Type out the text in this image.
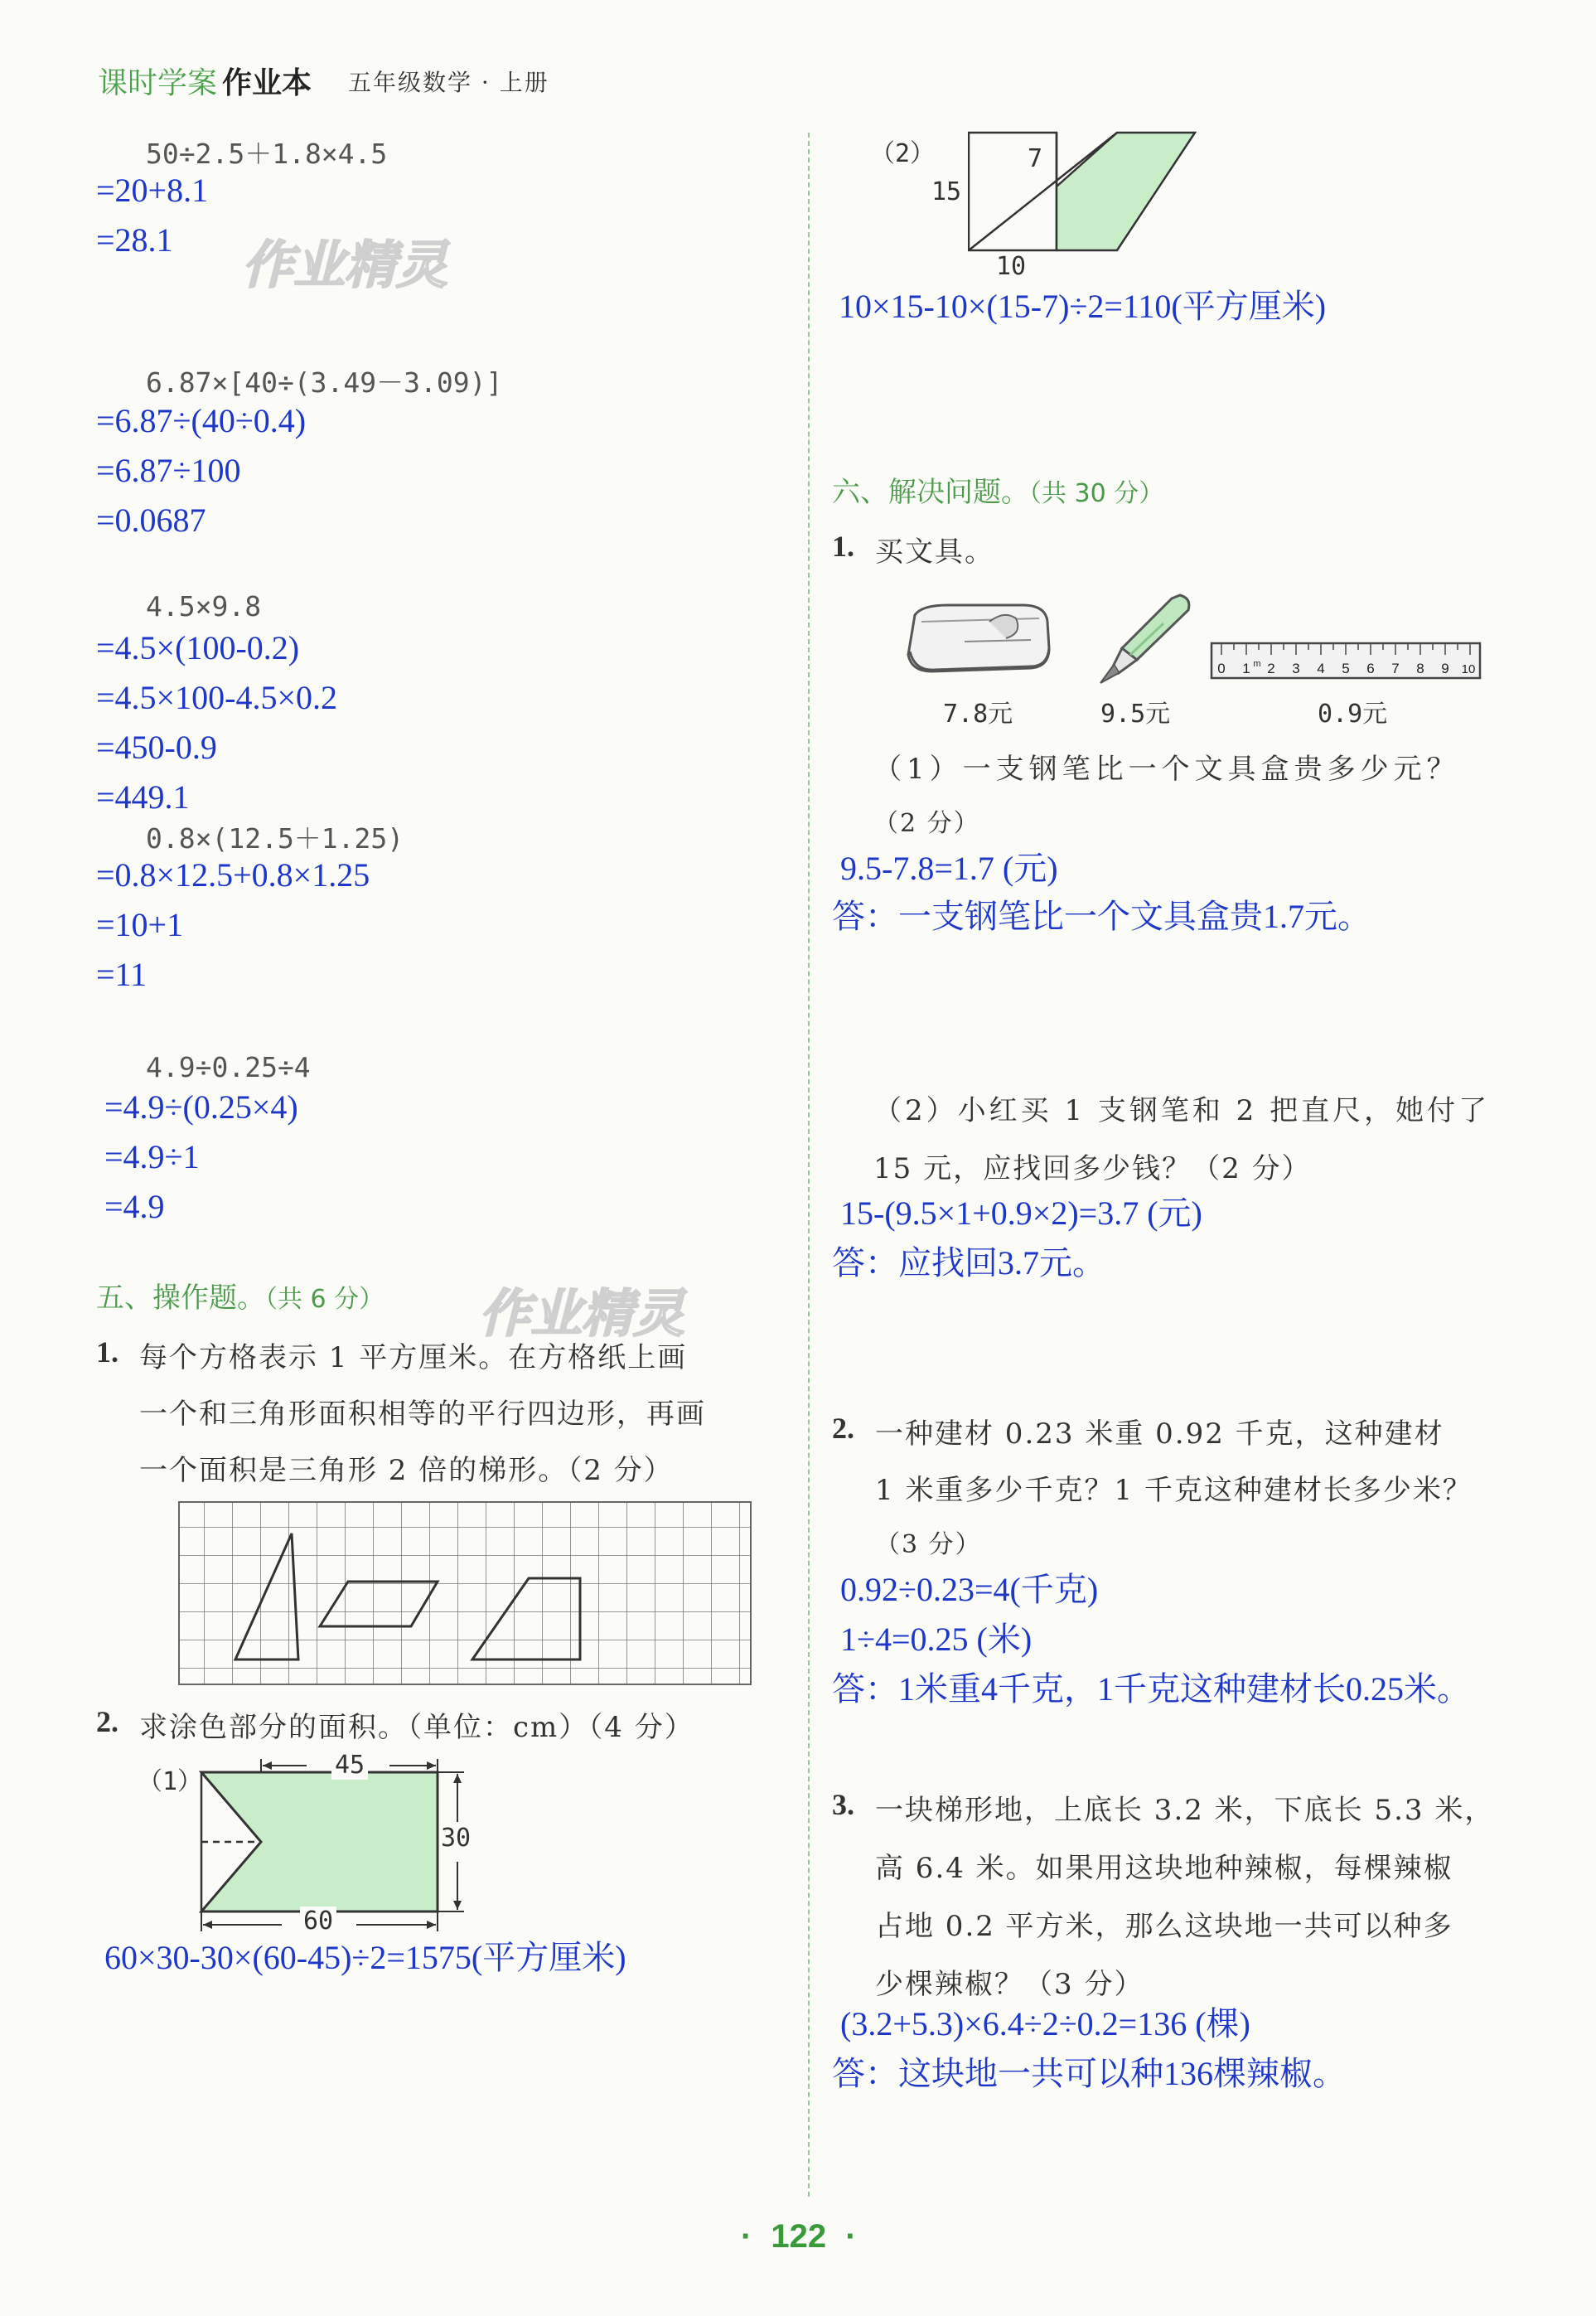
课时学案 作业本 五年级数学 · 上册
作业精灵
作业精灵
50÷2.5＋1.8×4.5
=20+8.1
=28.1
6.87×[40÷(3.49－3.09)]
=6.87÷(40÷0.4)
=6.87÷100
=0.0687
4.5×9.8
=4.5×(100-0.2)
=4.5×100-4.5×0.2
=450-0.9
=449.1
0.8×(12.5＋1.25)
=0.8×12.5+0.8×1.25
=10+1
=11
4.9÷0.25÷4
=4.9÷(0.25×4)
=4.9÷1
=4.9
五、操作题。（共 6 分）
1. 每个方格表示 1 平方厘米。在方格纸上画
一个和三角形面积相等的平行四边形，再画
一个面积是三角形 2 倍的梯形。（2 分）
2. 求涂色部分的面积。（单位：cm）（4 分）
（1）
45
30
60
60×30-30×(60-45)÷2=1575(平方厘米)
（2）	7
15
10
10×15-10×(15-7)÷2=110(平方厘米)
六、解决问题。（共 30 分）
1. 买文具。
0 1 m 2 3 4 5 6 7 8 9 10
7.8元	9.5元	0.9元
（1）一支钢笔比一个文具盒贵多少元？
（2 分）
9.5-7.8=1.7 (元)
答：一支钢笔比一个文具盒贵1.7元。
（2）小红买 1 支钢笔和 2 把直尺，她付了
15 元，应找回多少钱？（2 分）
15-(9.5×1+0.9×2)=3.7 (元)
答：应找回3.7元。
2. 一种建材 0.23 米重 0.92 千克，这种建材
1 米重多少千克？1 千克这种建材长多少米？
（3 分）
0.92÷0.23=4(千克)
1÷4=0.25 (米)
答：1米重4千克，1千克这种建材长0.25米。
3. 一块梯形地，上底长 3.2 米，下底长 5.3 米，
高 6.4 米。如果用这块地种辣椒，每棵辣椒
占地 0.2 平方米，那么这块地一共可以种多
少棵辣椒？（3 分）
(3.2+5.3)×6.4÷2÷0.2=136 (棵)
答：这块地一共可以种136棵辣椒。
· 122 ·
